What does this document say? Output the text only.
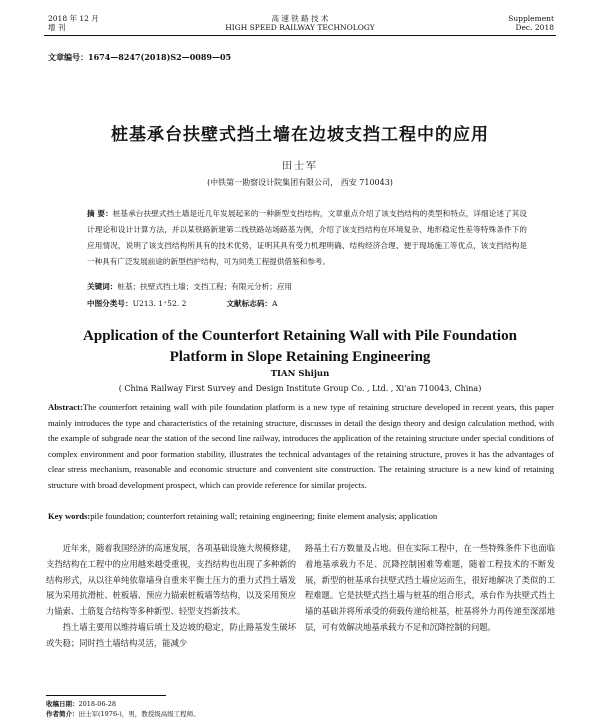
2018 年 12 月
增 刊
高 速 铁 路 技 术
HIGH SPEED RAILWAY TECHNOLOGY
Supplement
Dec. 2018
文章编号：1674—8247(2018)S2—0089—05
桩基承台扶壁式挡土墙在边坡支挡工程中的应用
田士军
(中铁第一勘察设计院集团有限公司， 西安 710043)
摘 要：桩基承台扶壁式挡土墙是近几年发展起来的一种新型支挡结构，文章重点介绍了该支挡结构的类型和特点，详细论述了其设计理论和设计计算方法，并以某铁路新建第二线铁路站场路基为例，介绍了该支挡结构在环境复杂、地形稳定性差等特殊条件下的应用情况，说明了该支挡结构所具有的技术优势，证明其具有受力机理明确、结构经济合理、便于现场施工等优点，该支挡结构是一种具有广泛发展前途的新型挡护结构，可为同类工程提供借鉴和参考。
关键词：桩基；扶壁式挡土墙；支挡工程；有限元分析；应用
中图分类号：U213. 1⁺52. 2	文献标志码：A
Application of the Counterfort Retaining Wall with Pile Foundation
Platform in Slope Retaining Engineering
TIAN Shijun
( China Railway First Survey and Design Institute Group Co. , Ltd. , Xi'an 710043, China)
Abstract:The counterfort retaining wall with pile foundation platform is a new type of retaining structure developed in recent years, this paper mainly introduces the type and characteristics of the retaining structure, discusses in detail the design theory and design calculation method, with the example of subgrade near the station of the second line railway, introduces the application of the retaining structure under special conditions of complex environment and poor formation stability, illustrates the technical advantages of the retaining structure, proves it has the advantages of clear stress mechanism, reasonable and economic structure and convenient site construction. The retaining structure is a new kind of retaining structure with broad development prospect, which can provide reference for similar projects.
Key words:pile foundation; counterfort retaining wall; retaining engineering; finite element analysis; application

近年来，随着我国经济的高速发展，各项基础设施大规模修建，支挡结构在工程中的应用越来越受重视，支挡结构也出现了多种新的结构形式，从以往单纯依靠墙身自重来平衡土压力的重力式挡土墙发展为采用抗滑桩、桩板墙、预应力锚索桩板墙等结构，以及采用预应力锚索、土筋复合结构等多种新型、轻型支挡新技术。

挡土墙主要用以维持墙后填土及边坡的稳定，防止路基发生破坏或失稳；同时挡土墙结构灵活，能减少

路基土石方数量及占地。但在实际工程中，在一些特殊条件下也面临着地基承载力不足、沉降控制困难等难题，随着工程技术的不断发展，新型的桩基承台扶壁式挡土墙应运而生，很好地解决了类似的工程难题。它是扶壁式挡土墙与桩基的组合形式，承台作为扶壁式挡土墙的基础并将所承受的荷载传递给桩基，桩基将外力再传递至深部地层，可有效解决地基承载力不足和沉降控制的问题。

收稿日期：2018-06-28
作者简介：田士军(1976-)，男，教授级高级工程师。
